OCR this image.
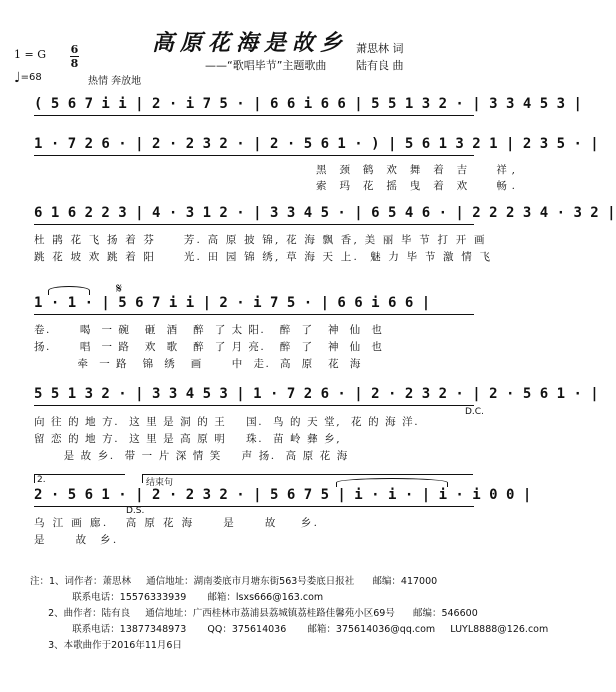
高原花海是故乡
——“歌唱毕节”主题歌曲
萧思林 词
陆有良 曲
1 = G 6
8
♩=68	热情 奔放地
( 5 6 7 i i | 2 · i 7 5 · | 6 6 i 6 6 | 5 5 1 3 2 · | 3 3 4 5 3 |
1 · 7 2 6 · | 2 · 2 3 2 · | 2 · 5 6 1 · ) | 5 6 1 3 2 1 | 2 3 5 · |
黑 颈 鹤 欢 舞 着 吉   祥,
索 玛 花 摇 曳 着 欢   畅.
6 1 6 2 2 3 | 4 · 3 1 2 · | 3 3 4 5 · | 6 5 4 6 · | 2 2 2 3 4 · 3 2 |
杜 鹃 花 飞 扬 着 芬     芳. 高 原 披 锦, 花 海 飘 香, 美 丽 毕 节 打 开 画
跳 花 坡 欢 跳 着 阳     光. 田 园 锦 绣, 草 海 天 上.  魅 力 毕 节 激 情 飞
𝄋
1 · 1 · | 5 6 7 i i | 2 · i 7 5 · | 6 6 i 6 6 |
卷.      喝  一 碗   砸  酒   醉  了 太 阳.   醉  了   神  仙  也
扬.      唱  一 路   欢  歌   醉  了 月 亮.   醉  了   神  仙  也
牵  一 路   锦  绣   画      中  走.  高  原   花  海
5 5 1 3 2 · | 3 3 4 5 3 | 1 · 7 2 6 · | 2 · 2 3 2 · | 2 · 5 6 1 · |
D.C.
向 往 的 地 方.  这 里 是 洞 的 王    国.  鸟 的 天 堂,  花 的 海 洋.
留 恋 的 地 方.  这 里 是 高 原 明    珠.  苗 岭 彝 乡,
是 故 乡.  带 一 片 深 情 笑    声 扬.  高 原 花 海
2.	结束句
2 · 5 6 1 · | 2 · 2 3 2 · | 5 6 7 5 | i · i · | i · i 0 0 |
D.S.
乌 江 画 廊.   高 原 花 海     是     故    乡.
是     故  乡.
注：1、词作者：萧思林     通信地址：湖南娄底市月塘东街563号娄底日报社      邮编：417000
联系电话：15576333939       邮箱：lsxs666@163.com
2、曲作者：陆有良     通信地址：广西桂林市荔浦县荔城镇荔桂路佳馨苑小区69号      邮编：546600
联系电话：13877348973       QQ：375614036       邮箱：375614036@qq.com     LUYL8888@126.com
3、本歌曲作于2016年11月6日
